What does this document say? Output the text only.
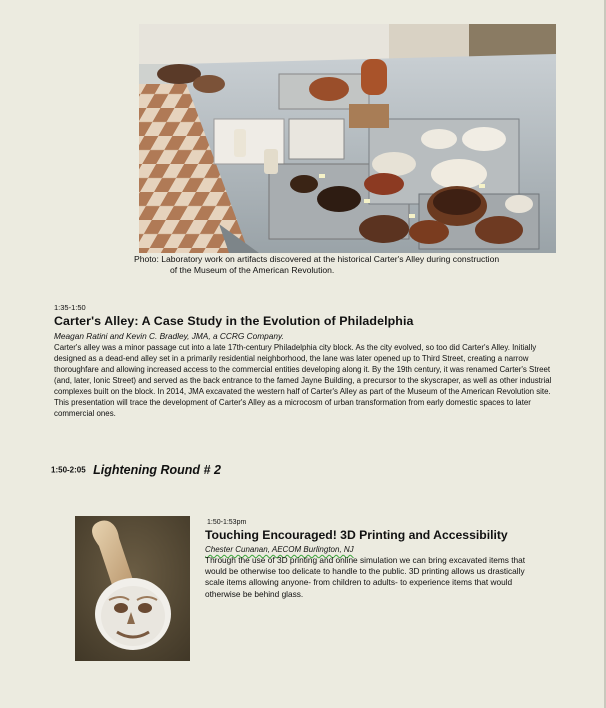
Photo: Laboratory work on artifacts discovered at the historical Carter's Alley during construction
of the Museum of the American Revolution.
1:35-1:50
Carter's Alley: A Case Study in the Evolution of Philadelphia
Meagan Ratini and Kevin C. Bradley, JMA, a CCRG Company.

Carter's alley was a minor passage cut into a late 17th-century Philadelphia city block. As the city evolved, so too did Carter's Alley. Initially designed as a dead-end alley set in a primarily residential neighborhood, the lane was later opened up to Third Street, creating a narrow thoroughfare and allowing increased access to the commercial entities developing along it. By the 19th century, it was renamed Carter's Street (and, later, Ionic Street) and served as the back entrance to the famed Jayne Building, a precursor to the skyscraper, as well as other industrial complexes built on the block. In 2014, JMA excavated the western half of Carter's Alley as part of the Museum of the American Revolution site. This presentation will trace the development of Carter's Alley as a microcosm of urban transformation from early domestic spaces to later commercial ones.

1:50-2:05 Lightening Round # 2
1:50-1:53pm
Touching Encouraged! 3D Printing and Accessibility
Chester Cunanan, AECOM Burlington, NJ

Through the use of 3D printing and online simulation we can bring excavated items that would be otherwise too delicate to handle to the public. 3D printing allows us drastically scale items allowing anyone- from children to adults- to experience items that would otherwise be behind glass.
